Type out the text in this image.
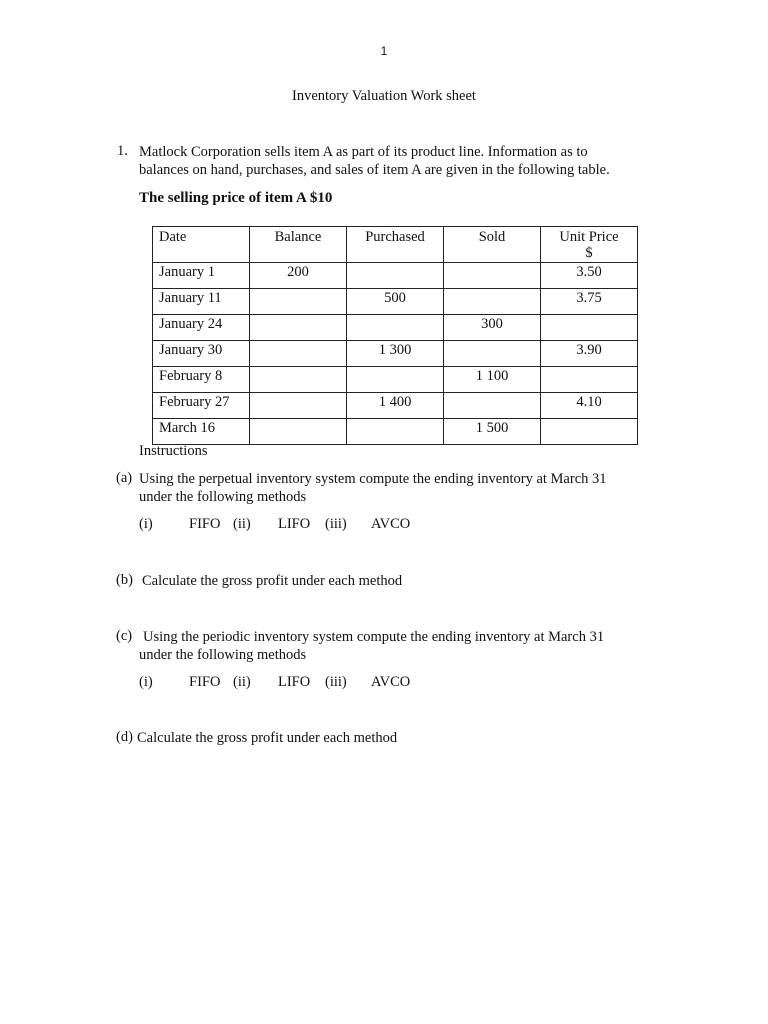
1
Inventory Valuation Work sheet
1. Matlock Corporation sells item A as part of its product line. Information as to
balances on hand, purchases, and sales of item A are given in the following table.
The selling price of item A $10
Date	Balance	Purchased	Sold	Unit Price
$

January 1	200			3.50
January 11		500		3.75
January 24			300	
January 30		1 300		3.90
February 8			1 100	
February 27		1 400		4.10
March 16			1 500	
Instructions
(a) Using the perpetual inventory system compute the ending inventory at March 31
under the following methods
(i)	FIFO (ii) LIFO (iii) AVCO
(b) Calculate the gross profit under each method
(c) Using the periodic inventory system compute the ending inventory at March 31
under the following methods
(i)	FIFO (ii) LIFO (iii) AVCO
(d) Calculate the gross profit under each method
